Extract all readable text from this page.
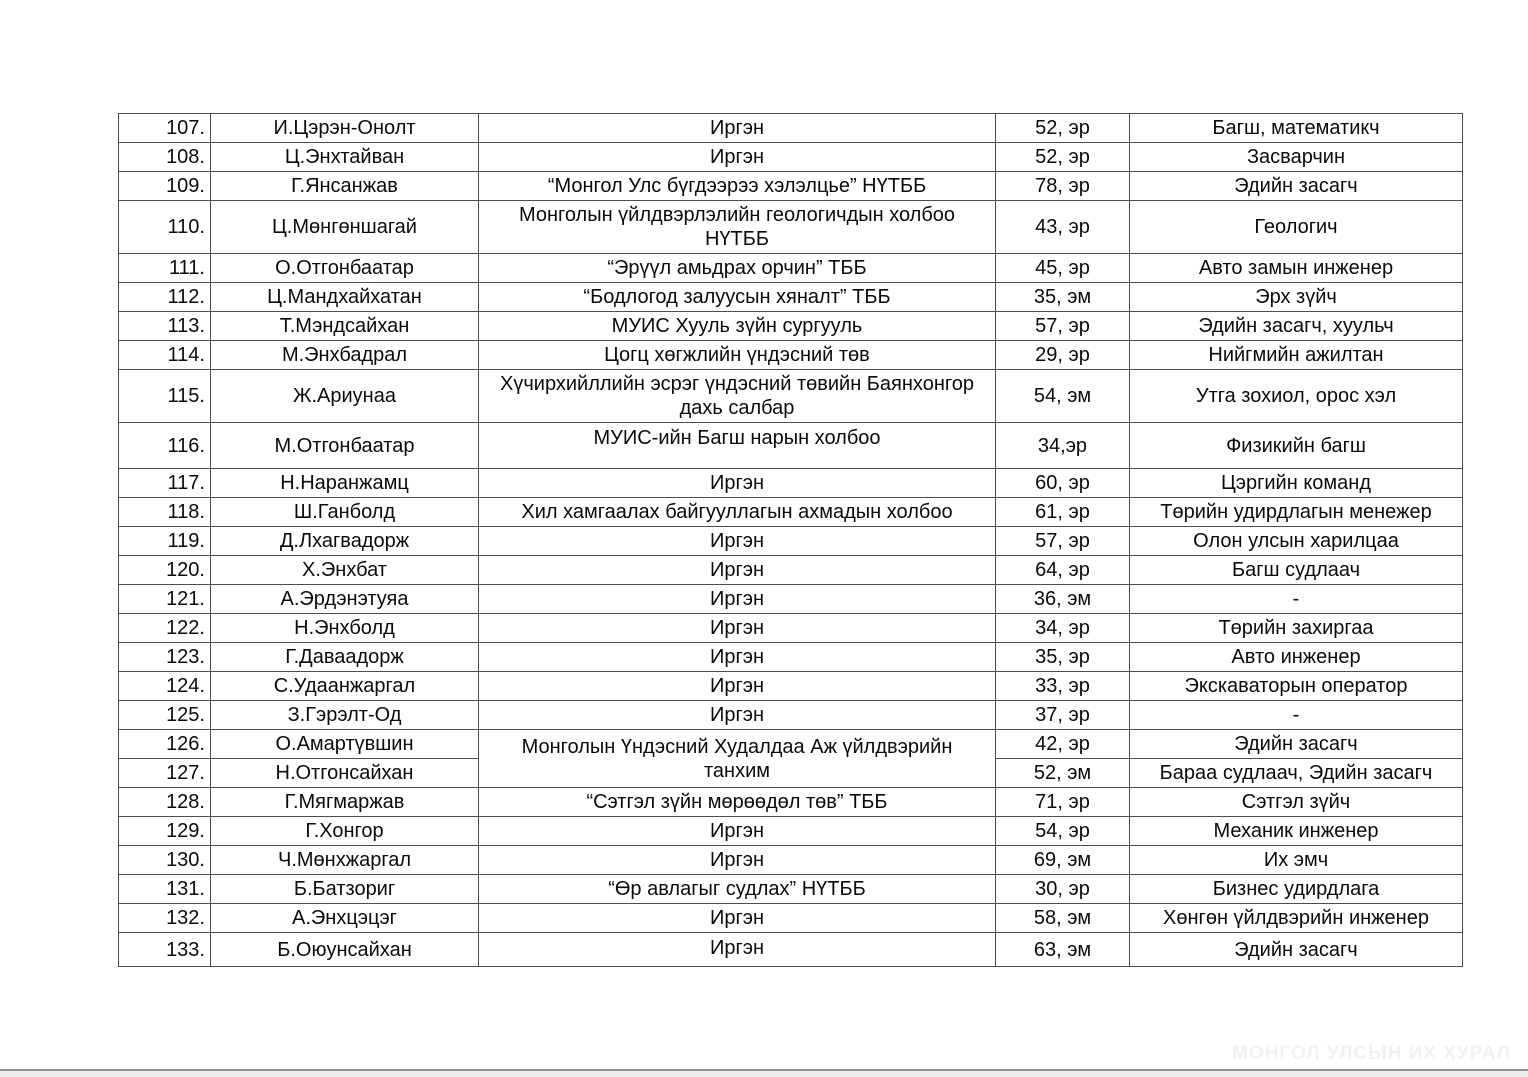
107.	И.Цэрэн-Онолт	Иргэн	52, эр	Багш, математикч
108.	Ц.Энхтайван	Иргэн	52, эр	Засварчин
109.	Г.Янсанжав	“Монгол Улс бүгдээрээ хэлэлцье” НҮТББ	78, эр	Эдийн засагч
110.	Ц.Мөнгөншагай	Монголын үйлдвэрлэлийн геологичдын холбоо НҮТББ	43, эр	Геологич
111.	О.Отгонбаатар	“Эрүүл амьдрах орчин” ТББ	45, эр	Авто замын инженер
112.	Ц.Мандхайхатан	“Бодлогод залуусын хяналт” ТББ	35, эм	Эрх зүйч
113.	Т.Мэндсайхан	МУИС Хууль зүйн сургууль	57, эр	Эдийн засагч, хуульч
114.	М.Энхбадрал	Цогц хөгжлийн үндэсний төв	29, эр	Нийгмийн ажилтан
115.	Ж.Ариунаа	Хүчирхийллийн эсрэг үндэсний төвийн Баянхонгор дахь салбар	54, эм	Утга зохиол, орос хэл
116.	М.Отгонбаатар	МУИС-ийн Багш нарын холбоо	34,эр	Физикийн багш
117.	Н.Наранжамц	Иргэн	60, эр	Цэргийн команд
118.	Ш.Ганболд	Хил хамгаалах байгууллагын ахмадын холбоо	61, эр	Төрийн удирдлагын менежер
119.	Д.Лхагвадорж	Иргэн	57, эр	Олон улсын харилцаа
120.	Х.Энхбат	Иргэн	64, эр	Багш судлаач
121.	А.Эрдэнэтуяа	Иргэн	36, эм	-
122.	Н.Энхболд	Иргэн	34, эр	Төрийн захиргаа
123.	Г.Даваадорж	Иргэн	35, эр	Авто инженер
124.	С.Удаанжаргал	Иргэн	33, эр	Экскаваторын оператор
125.	З.Гэрэлт-Од	Иргэн	37, эр	-
126.	О.Амартүвшин	Монголын Үндэсний Худалдаа Аж үйлдвэрийн танхим	42, эр	Эдийн засагч
127.	Н.Отгонсайхан		52, эм	Бараа судлаач, Эдийн засагч
128.	Г.Мягмаржав	“Сэтгэл зүйн мөрөөдөл төв” ТББ	71, эр	Сэтгэл зүйч
129.	Г.Хонгор	Иргэн	54, эр	Механик инженер
130.	Ч.Мөнхжаргал	Иргэн	69, эм	Их эмч
131.	Б.Батзориг	“Өр авлагыг судлах” НҮТББ	30, эр	Бизнес удирдлага
132.	А.Энхцэцэг	Иргэн	58, эм	Хөнгөн үйлдвэрийн инженер
133.	Б.Оюунсайхан	Иргэн	63, эм	Эдийн засагч
МОНГОЛ УЛСЫН ИХ ХУРАЛ
